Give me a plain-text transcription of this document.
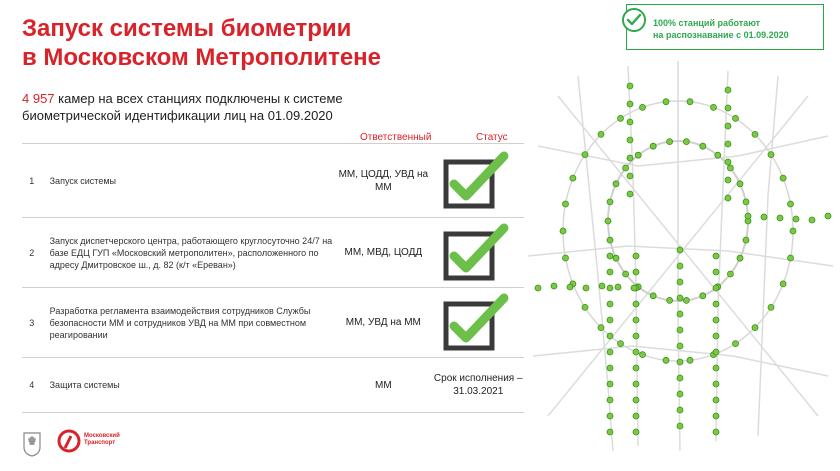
Запуск системы биометрии
в Московском Метрополитене
4 957 камер на всех станциях подключены к системе
биометрической идентификации лиц на 01.09.2020
Ответственный	Статус
1	Запуск системы	ММ, ЦОДД, УВД на ММ	
2	Запуск диспетчерского центра, работающего круглосуточно 24/7 на базе ЕДЦ ГУП «Московский метрополитен», расположенного по адресу Дмитровское ш., д. 82 (к/т «Ереван»)	ММ, МВД, ЦОДД	
3	Разработка регламента взаимодействия сотрудников Службы безопасности ММ и сотрудников УВД на ММ при совместном реагировании	ММ, УВД на ММ	
4	Защита системы	ММ	Срок исполнения – 31.03.2021
100% станций работают
на распознавание с 01.09.2020
Московский
Транспорт
